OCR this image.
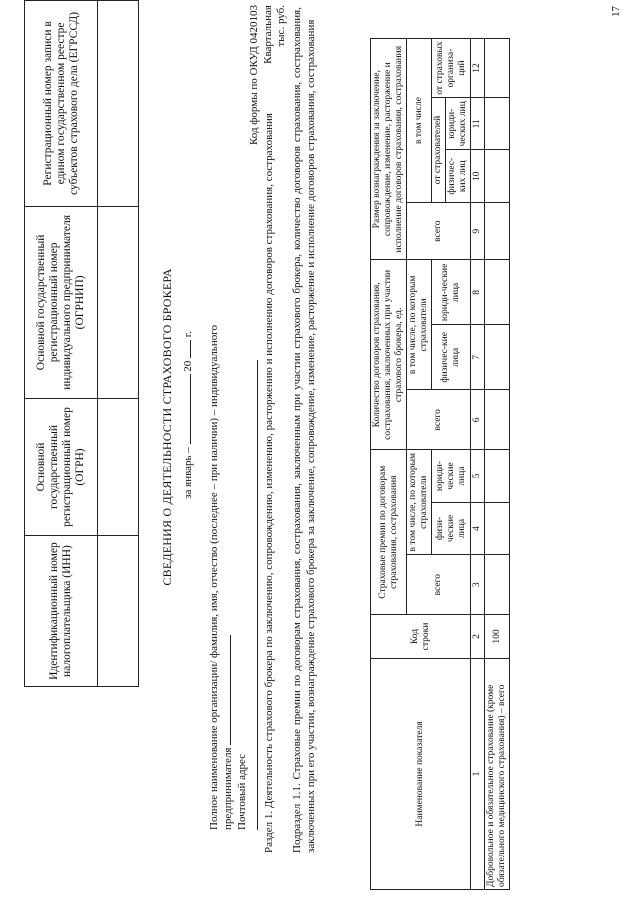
Идентификационный номер налогоплательщика (ИНН)	Основной государственный регистрационный номер (ОГРН)	Основной государственный регистрационный номер индивидуального предпринимателя (ОГРНИП)	Регистрационный номер записи в едином государственном реестре субъектов страхового дела (ЕГРССД)

СВЕДЕНИЯ О ДЕЯТЕЛЬНОСТИ СТРАХОВОГО БРОКЕРА за январь –  20  г. Полное наименование организации/ фамилия, имя, отчество (последнее – при наличии) – индивидуального предпринимателя Почтовый адрес
Код формы по ОКУД 0420103 Квартальная тыс. руб.
Раздел 1. Деятельность страхового брокера по заключению, сопровождению, изменению, расторжению и исполнению договоров страхования, сострахования Подраздел 1.1. Страховые премии по договорам страхования, сострахования, заключенным при участии страхового брокера, количество договоров страхования, сострахования, заключенных при его участии, вознаграждение страхового брокера за заключение, сопровождение, изменение, расторжение и исполнение договоров страхования, сострахования	Наименование показателя	Код строки	Страховые премии по договорам страхования, сострахования			Количество договоров страхования, сострахования, заключенных при участии страхового брокера, ед.			Размер вознаграждения за заключение, сопровождение, изменение, расторжение и исполнение договоров страхования, сострахования			
		всего	в том числе, по которым страхователи		всего	в том числе, по которым страхователи		всего	в том числе		
			физи-ческие лица	юриди-ческие лица		физичес-кие лица	юриди-ческие лица		от страхователей		от страховых организа-ций
									физичес-ких лиц	юриди-ческих лиц	
1	2	3	4	5	6	7	8	9	10	11	12
Добровольное и обязательное страхование (кроме обязательного медицинского страхования) – всего	100										
17
